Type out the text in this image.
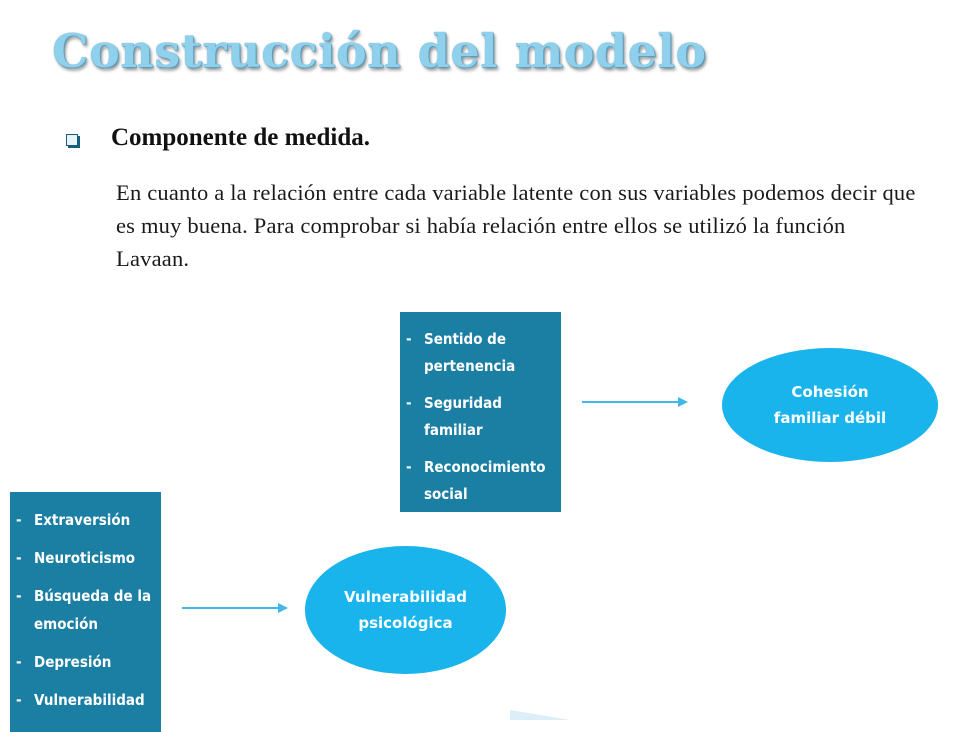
Construcción del modelo
Componente de medida.

En cuanto a la relación entre cada variable latente con sus variables podemos decir que es muy buena. Para comprobar si había relación entre ellos se utilizó la función Lavaan.

- Sentido de pertenencia
- Seguridad familiar
- Reconocimiento social
Cohesión
familiar débil
- Extraversión
- Neuroticismo
- Búsqueda de la emoción
- Depresión
- Vulnerabilidad
Vulnerabilidad
psicológica
